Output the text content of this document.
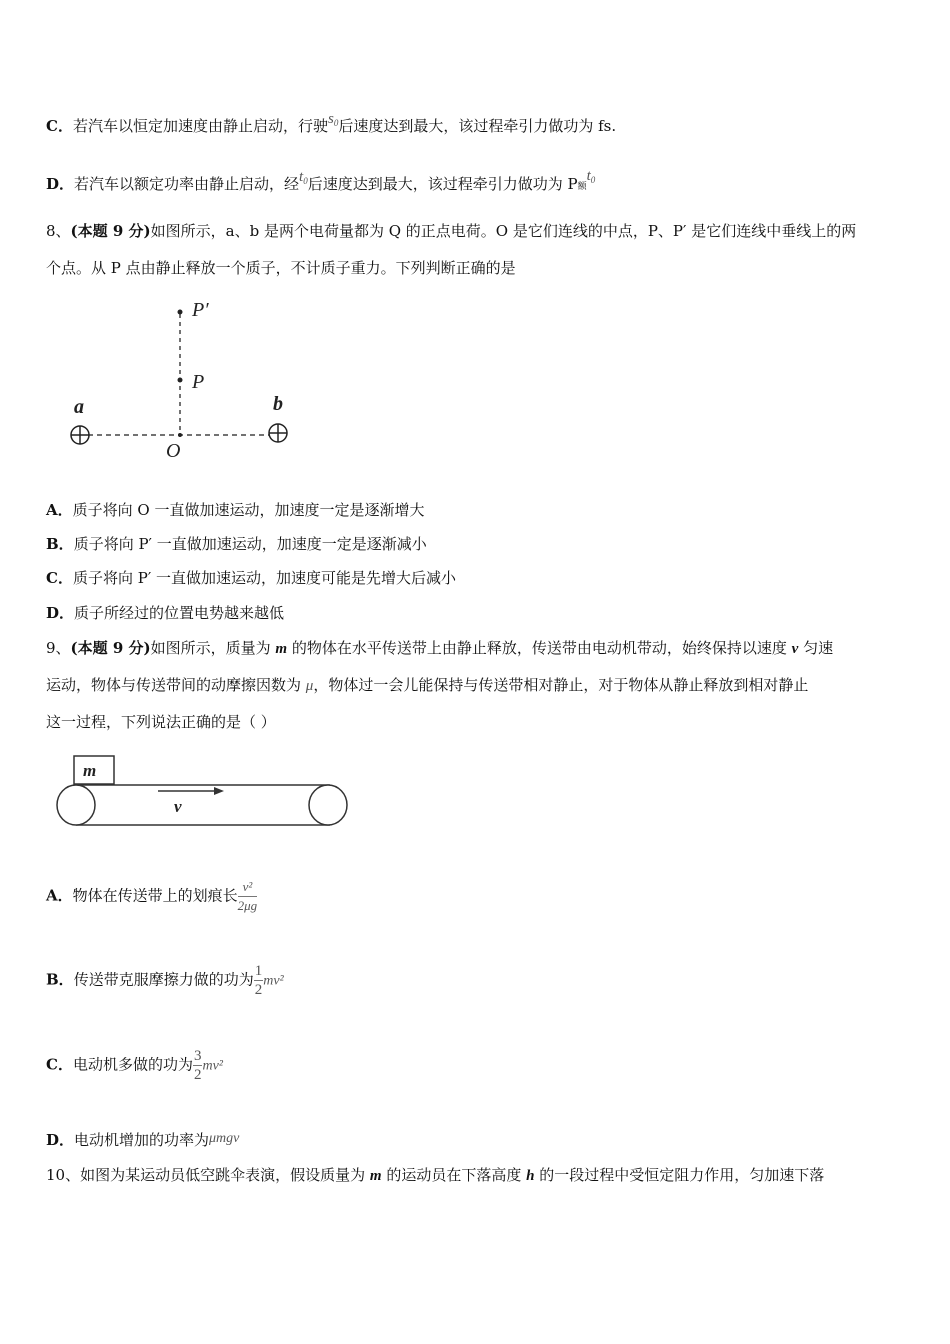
C．若汽车以恒定加速度由静止启动，行驶$s_0$后速度达到最大，该过程牵引力做功为 fs.
D．若汽车以额定功率由静止启动，经$t_0$后速度达到最大，该过程牵引力做功为 P额$t_0$
8、(本题 9 分)如图所示，a、b 是两个电荷量都为 Q 的正点电荷。O 是它们连线的中点，P、P′ 是它们连线中垂线上的两
个点。从 P 点由静止释放一个质子，不计质子重力。下列判断正确的是
P′
P
a	b
O
A．质子将向 O 一直做加速运动，加速度一定是逐渐增大
B．质子将向 P′ 一直做加速运动，加速度一定是逐渐减小
C．质子将向 P′ 一直做加速运动，加速度可能是先增大后减小
D．质子所经过的位置电势越来越低
9、(本题 9 分)如图所示，质量为 m 的物体在水平传送带上由静止释放，传送带由电动机带动，始终保持以速度 v 匀速
运动，物体与传送带间的动摩擦因数为 μ，物体过一会儿能保持与传送带相对静止，对于物体从静止释放到相对静止
这一过程，下列说法正确的是（ ）
m
v
A．物体在传送带上的划痕长 $\frac{\text{v²}}{2\mu g}$
B．传送带克服摩擦力做的功为 $\frac{1}{2} mv^2$
C．电动机多做的功为 $\frac{3}{2} mv^2$
D．电动机增加的功率为μmgv
10、如图为某运动员低空跳伞表演，假设质量为 m 的运动员在下落高度 h 的一段过程中受恒定阻力作用，匀加速下落
